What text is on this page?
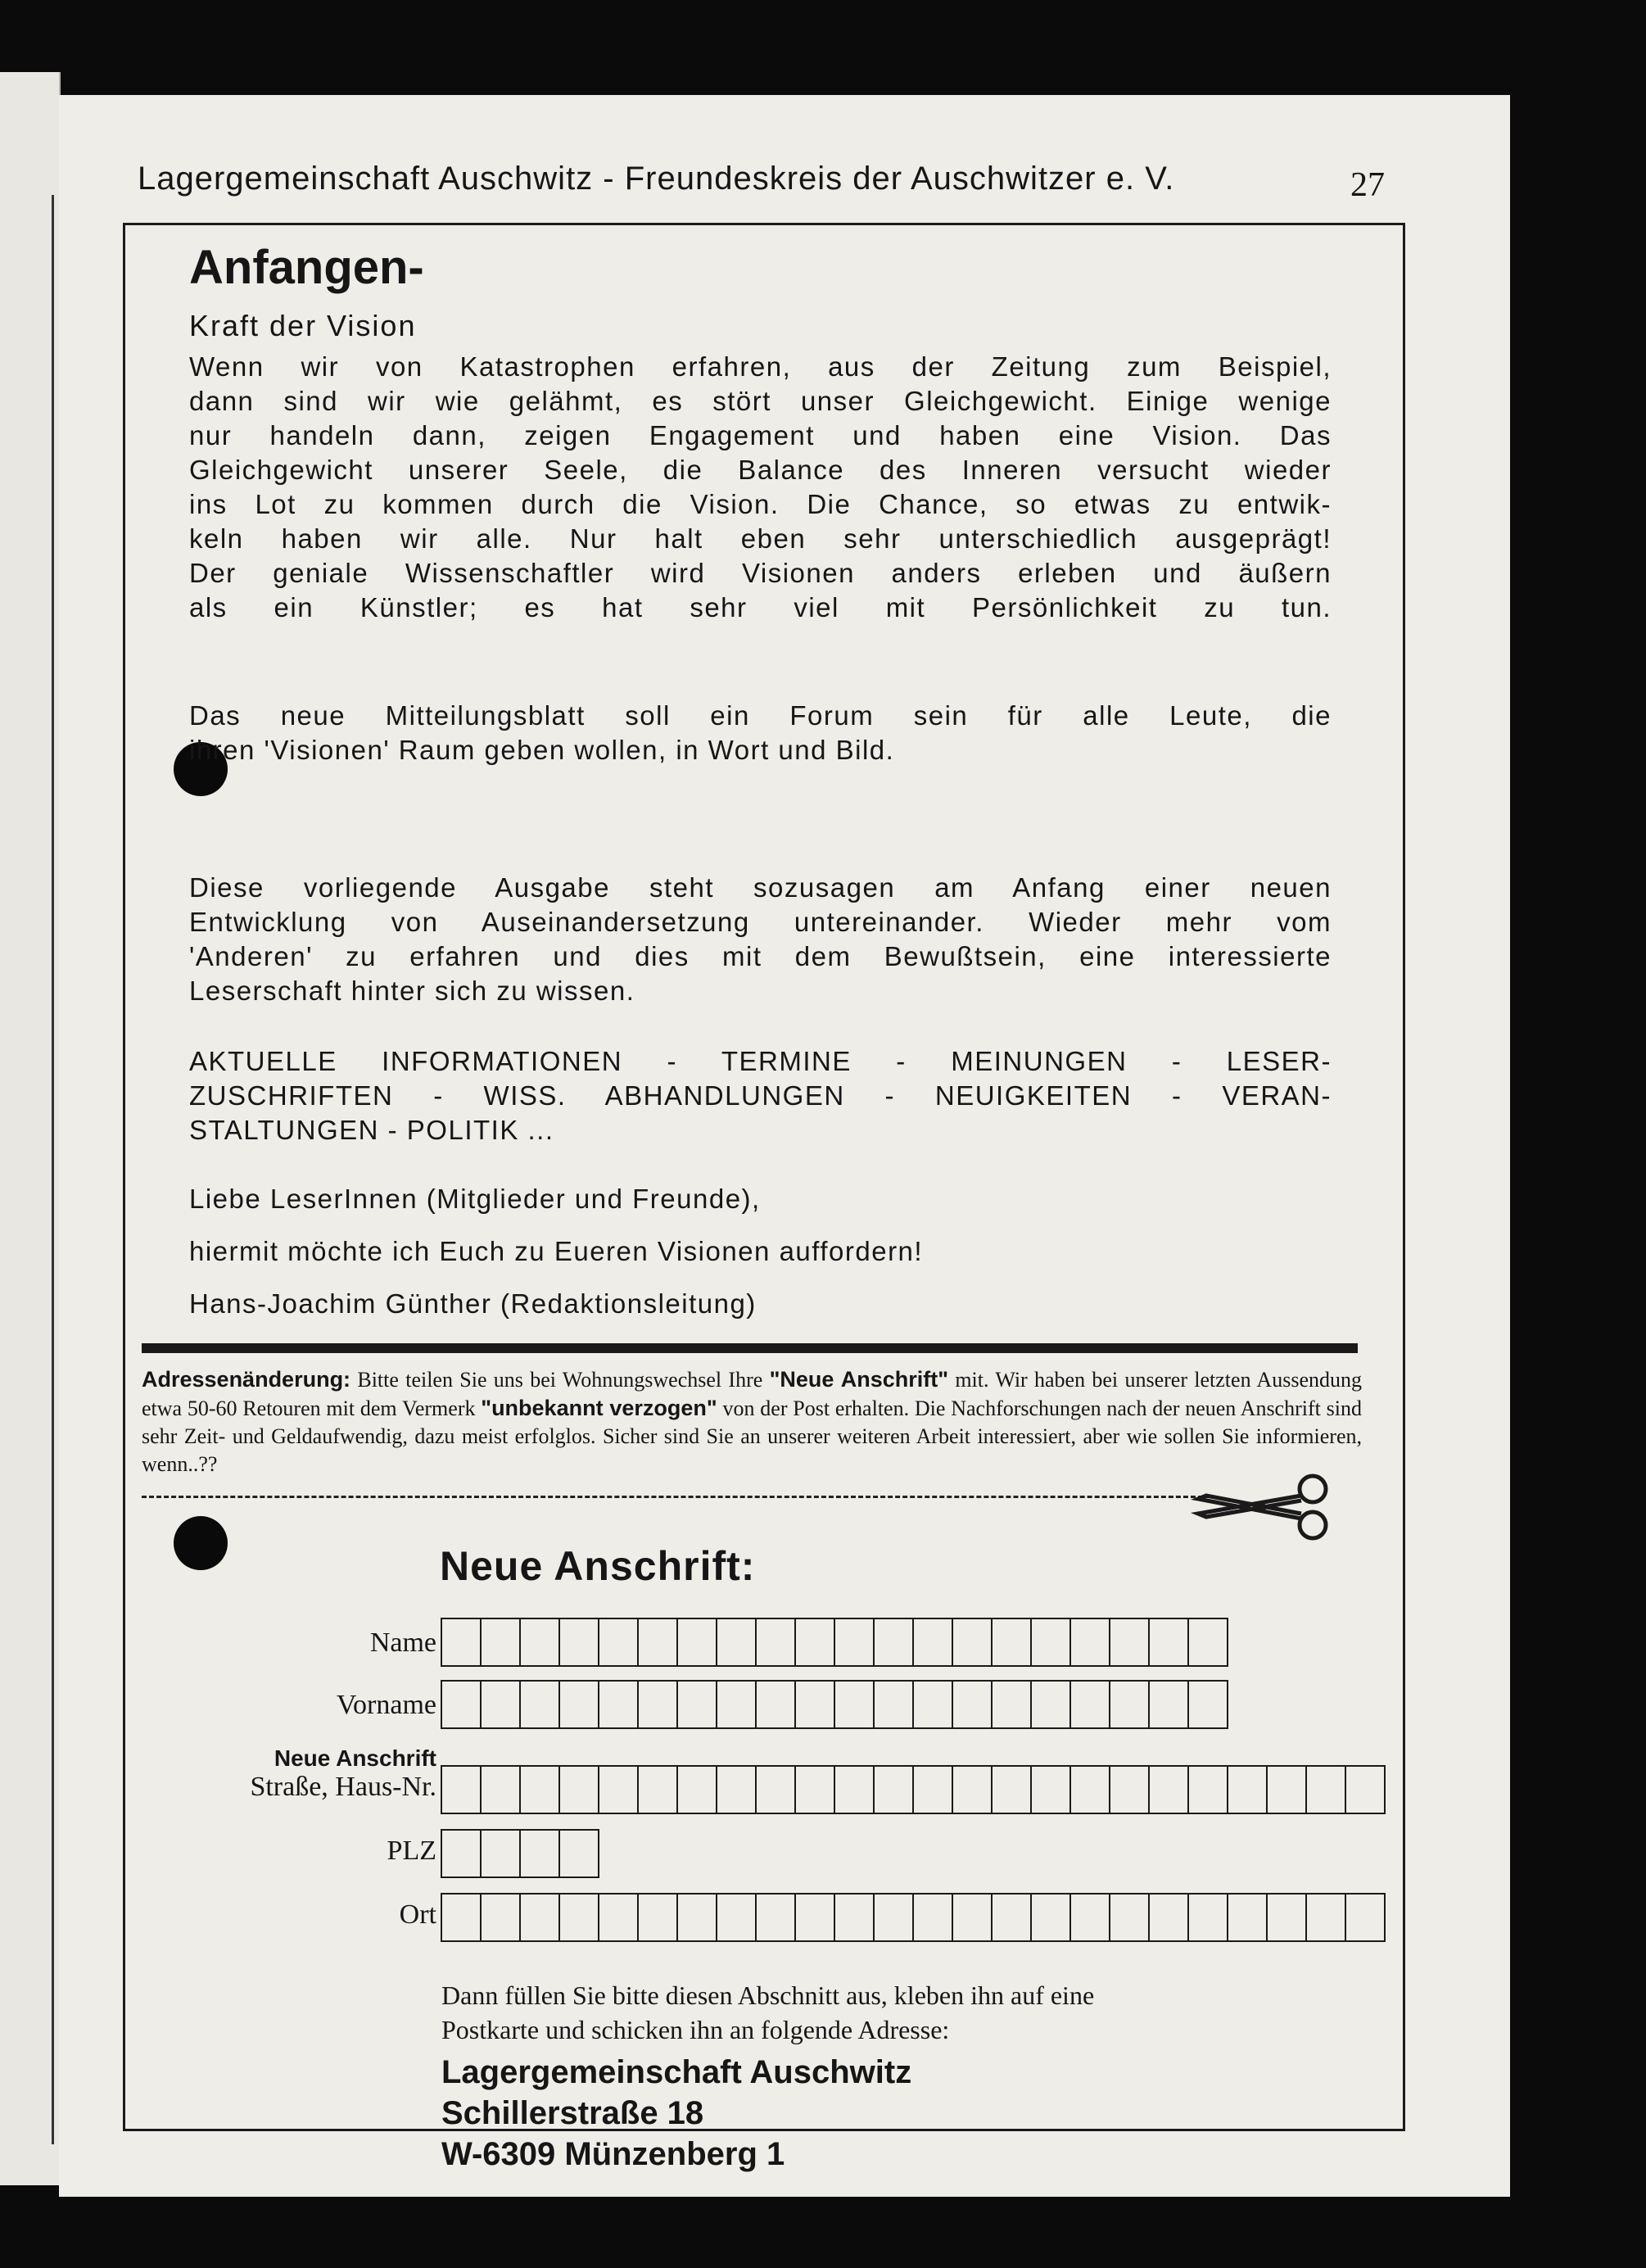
Lagergemeinschaft Auschwitz - Freundeskreis der Auschwitzer e. V.	27
Anfangen-
Kraft der Vision
Wenn wir von Katastrophen erfahren, aus der Zeitung zum Beispiel,
dann sind wir wie gelähmt, es stört unser Gleichgewicht. Einige wenige
nur handeln dann, zeigen Engagement und haben eine Vision. Das
Gleichgewicht unserer Seele, die Balance des Inneren versucht wieder
ins Lot zu kommen durch die Vision. Die Chance, so etwas zu entwik-
keln haben wir alle. Nur halt eben sehr unterschiedlich ausgeprägt!
Der geniale Wissenschaftler wird Visionen anders erleben und äußern
als ein Künstler; es hat sehr viel mit Persönlichkeit zu tun.
Das neue Mitteilungsblatt soll ein Forum sein für alle Leute, die
ihren 'Visionen' Raum geben wollen, in Wort und Bild.
Diese vorliegende Ausgabe steht sozusagen am Anfang einer neuen
Entwicklung von Auseinandersetzung untereinander. Wieder mehr vom
'Anderen' zu erfahren und dies mit dem Bewußtsein, eine interessierte
Leserschaft hinter sich zu wissen.
AKTUELLE INFORMATIONEN - TERMINE - MEINUNGEN - LESER-
ZUSCHRIFTEN - WISS. ABHANDLUNGEN - NEUIGKEITEN - VERAN-
STALTUNGEN - POLITIK ...
Liebe LeserInnen (Mitglieder und Freunde),
hiermit möchte ich Euch zu Eueren Visionen auffordern!
Hans-Joachim Günther (Redaktionsleitung)
Adressenänderung: Bitte teilen Sie uns bei Wohnungswechsel Ihre "Neue Anschrift" mit. Wir haben bei unserer letzten Aussendung etwa 50-60 Retouren mit dem Vermerk "unbekannt verzogen" von der Post erhalten. Die Nachforschungen nach der neuen Anschrift sind sehr Zeit- und Geldaufwendig, dazu meist erfolglos. Sicher sind Sie an unserer weiteren Arbeit interessiert, aber wie sollen Sie informieren, wenn..??
Neue Anschrift:
Name
Vorname
Neue Anschrift
Straße, Haus-Nr.
PLZ
Ort
Dann füllen Sie bitte diesen Abschnitt aus, kleben ihn auf eine
Postkarte und schicken ihn an folgende Adresse:
Lagergemeinschaft Auschwitz
Schillerstraße 18
W-6309 Münzenberg 1
